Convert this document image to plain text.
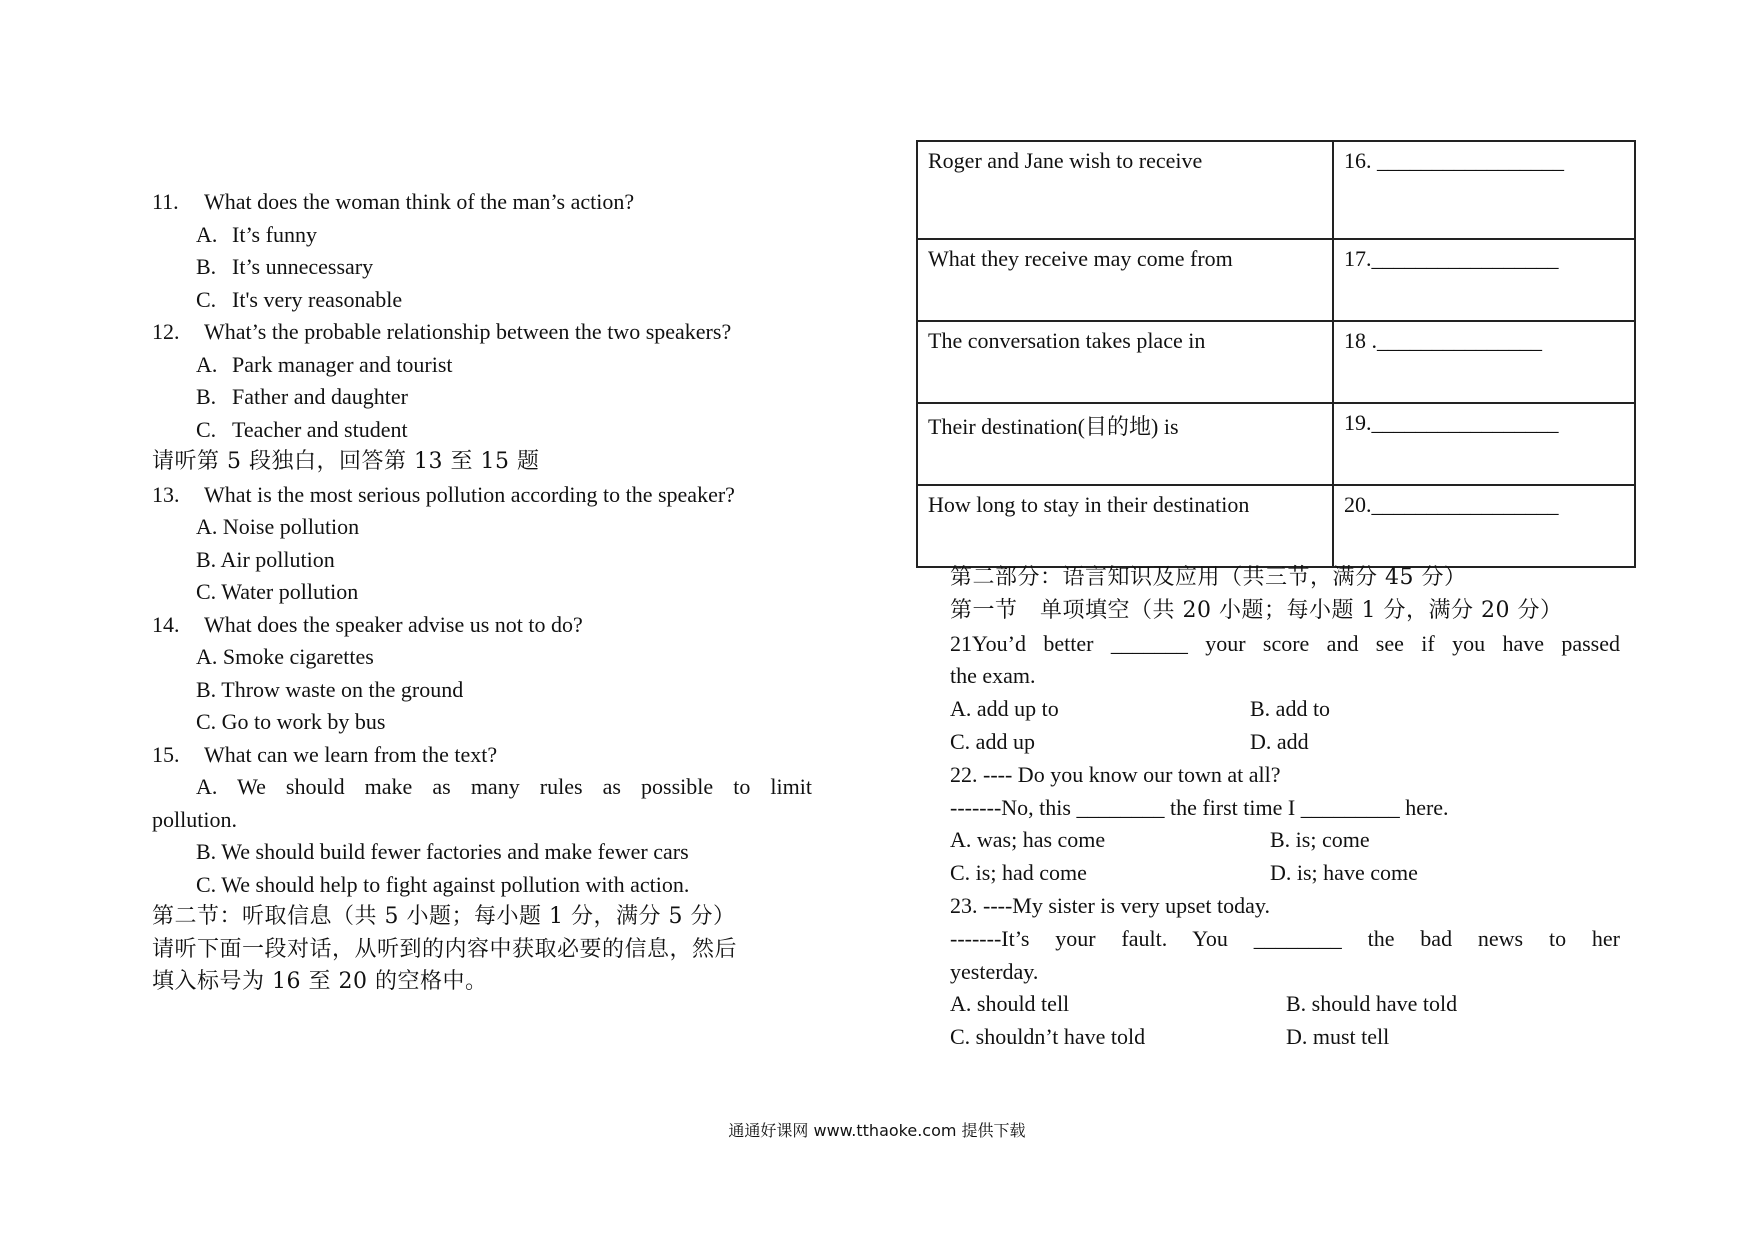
11.	What does the woman think of the man’s action?
A. It’s funny
B. It’s unnecessary
C. It's very reasonable
12.	What’s the probable relationship between the two speakers?
A. Park manager and tourist
B. Father and daughter
C. Teacher and student
请听第 5 段独白，回答第 13 至 15 题
13.	What is the most serious pollution according to the speaker?
A. Noise pollution
B. Air pollution
C. Water pollution
14.	What does the speaker advise us not to do?
A. Smoke cigarettes
B. Throw waste on the ground
C. Go to work by bus
15.	What can we learn from the text?
A. We should make as many rules as possible to limit
pollution.
B. We should build fewer factories and make fewer cars
C. We should help to fight against pollution with action.
第二节：听取信息（共 5 小题；每小题 1 分，满分 5 分）
请听下面一段对话，从听到的内容中获取必要的信息，然后
填入标号为 16 至 20 的空格中。
Roger and Jane wish to receive	16. _________________
What they receive may come from	17._________________
The conversation takes place in	18 ._______________
Their destination(目的地) is	19._________________
How long to stay in their destination	20._________________
第二部分：语言知识及应用（共三节，满分 45 分）
第一节　单项填空（共 20 小题；每小题 1 分，满分 20 分）
21You’d better _______ your score and see if you have passed
the exam.
A. add up to	B. add to
C. add up	D. add
22. ---- Do you know our town at all?
-------No, this ________ the first time I _________ here.
A. was; has come	B. is; come
C. is; had come	D. is; have come
23. ----My sister is very upset today.
-------It’s your fault. You ________ the bad news to her
yesterday.
A. should tell	B. should have told
C. shouldn’t have told	D. must tell
通通好课网 www.tthaoke.com 提供下载
